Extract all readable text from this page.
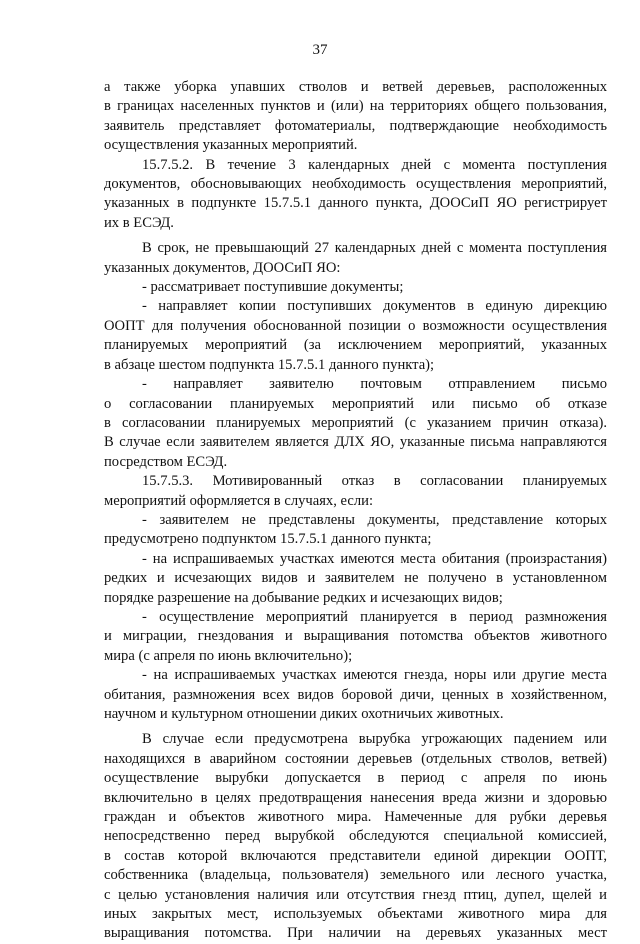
37
а также уборка упавших стволов и ветвей деревьев, расположенных
в границах населенных пунктов и (или) на территориях общего пользования,
заявитель представляет фотоматериалы, подтверждающие необходимость
осуществления указанных мероприятий.
15.7.5.2. В течение 3 календарных дней с момента поступления
документов, обосновывающих необходимость осуществления мероприятий,
указанных в подпункте 15.7.5.1 данного пункта, ДООСиП ЯО регистрирует
их в ЕСЭД.
В срок, не превышающий 27 календарных дней с момента поступления
указанных документов, ДООСиП ЯО:
- рассматривает поступившие документы;
- направляет копии поступивших документов в единую дирекцию
ООПТ для получения обоснованной позиции о возможности осуществления
планируемых мероприятий (за исключением мероприятий, указанных
в абзаце шестом подпункта 15.7.5.1 данного пункта);
- направляет заявителю почтовым отправлением письмо
о согласовании планируемых мероприятий или письмо об отказе
в согласовании планируемых мероприятий (с указанием причин отказа).
В случае если заявителем является ДЛХ ЯО, указанные письма направляются
посредством ЕСЭД.
15.7.5.3. Мотивированный отказ в согласовании планируемых
мероприятий оформляется в случаях, если:
- заявителем не представлены документы, представление которых
предусмотрено подпунктом 15.7.5.1 данного пункта;
- на испрашиваемых участках имеются места обитания (произрастания)
редких и исчезающих видов и заявителем не получено в установленном
порядке разрешение на добывание редких и исчезающих видов;
- осуществление мероприятий планируется в период размножения
и миграции, гнездования и выращивания потомства объектов животного
мира (с апреля по июнь включительно);
- на испрашиваемых участках имеются гнезда, норы или другие места
обитания, размножения всех видов боровой дичи, ценных в хозяйственном,
научном и культурном отношении диких охотничьих животных.
В случае если предусмотрена вырубка угрожающих падением или
находящихся в аварийном состоянии деревьев (отдельных стволов, ветвей)
осуществление вырубки допускается в период с апреля по июнь
включительно в целях предотвращения нанесения вреда жизни и здоровью
граждан и объектов животного мира. Намеченные для рубки деревья
непосредственно перед вырубкой обследуются специальной комиссией,
в состав которой включаются представители единой дирекции ООПТ,
собственника (владельца, пользователя) земельного или лесного участка,
с целью установления наличия или отсутствия гнезд птиц, дупел, щелей и
иных закрытых мест, используемых объектами животного мира для
выращивания потомства. При наличии на деревьях указанных мест
